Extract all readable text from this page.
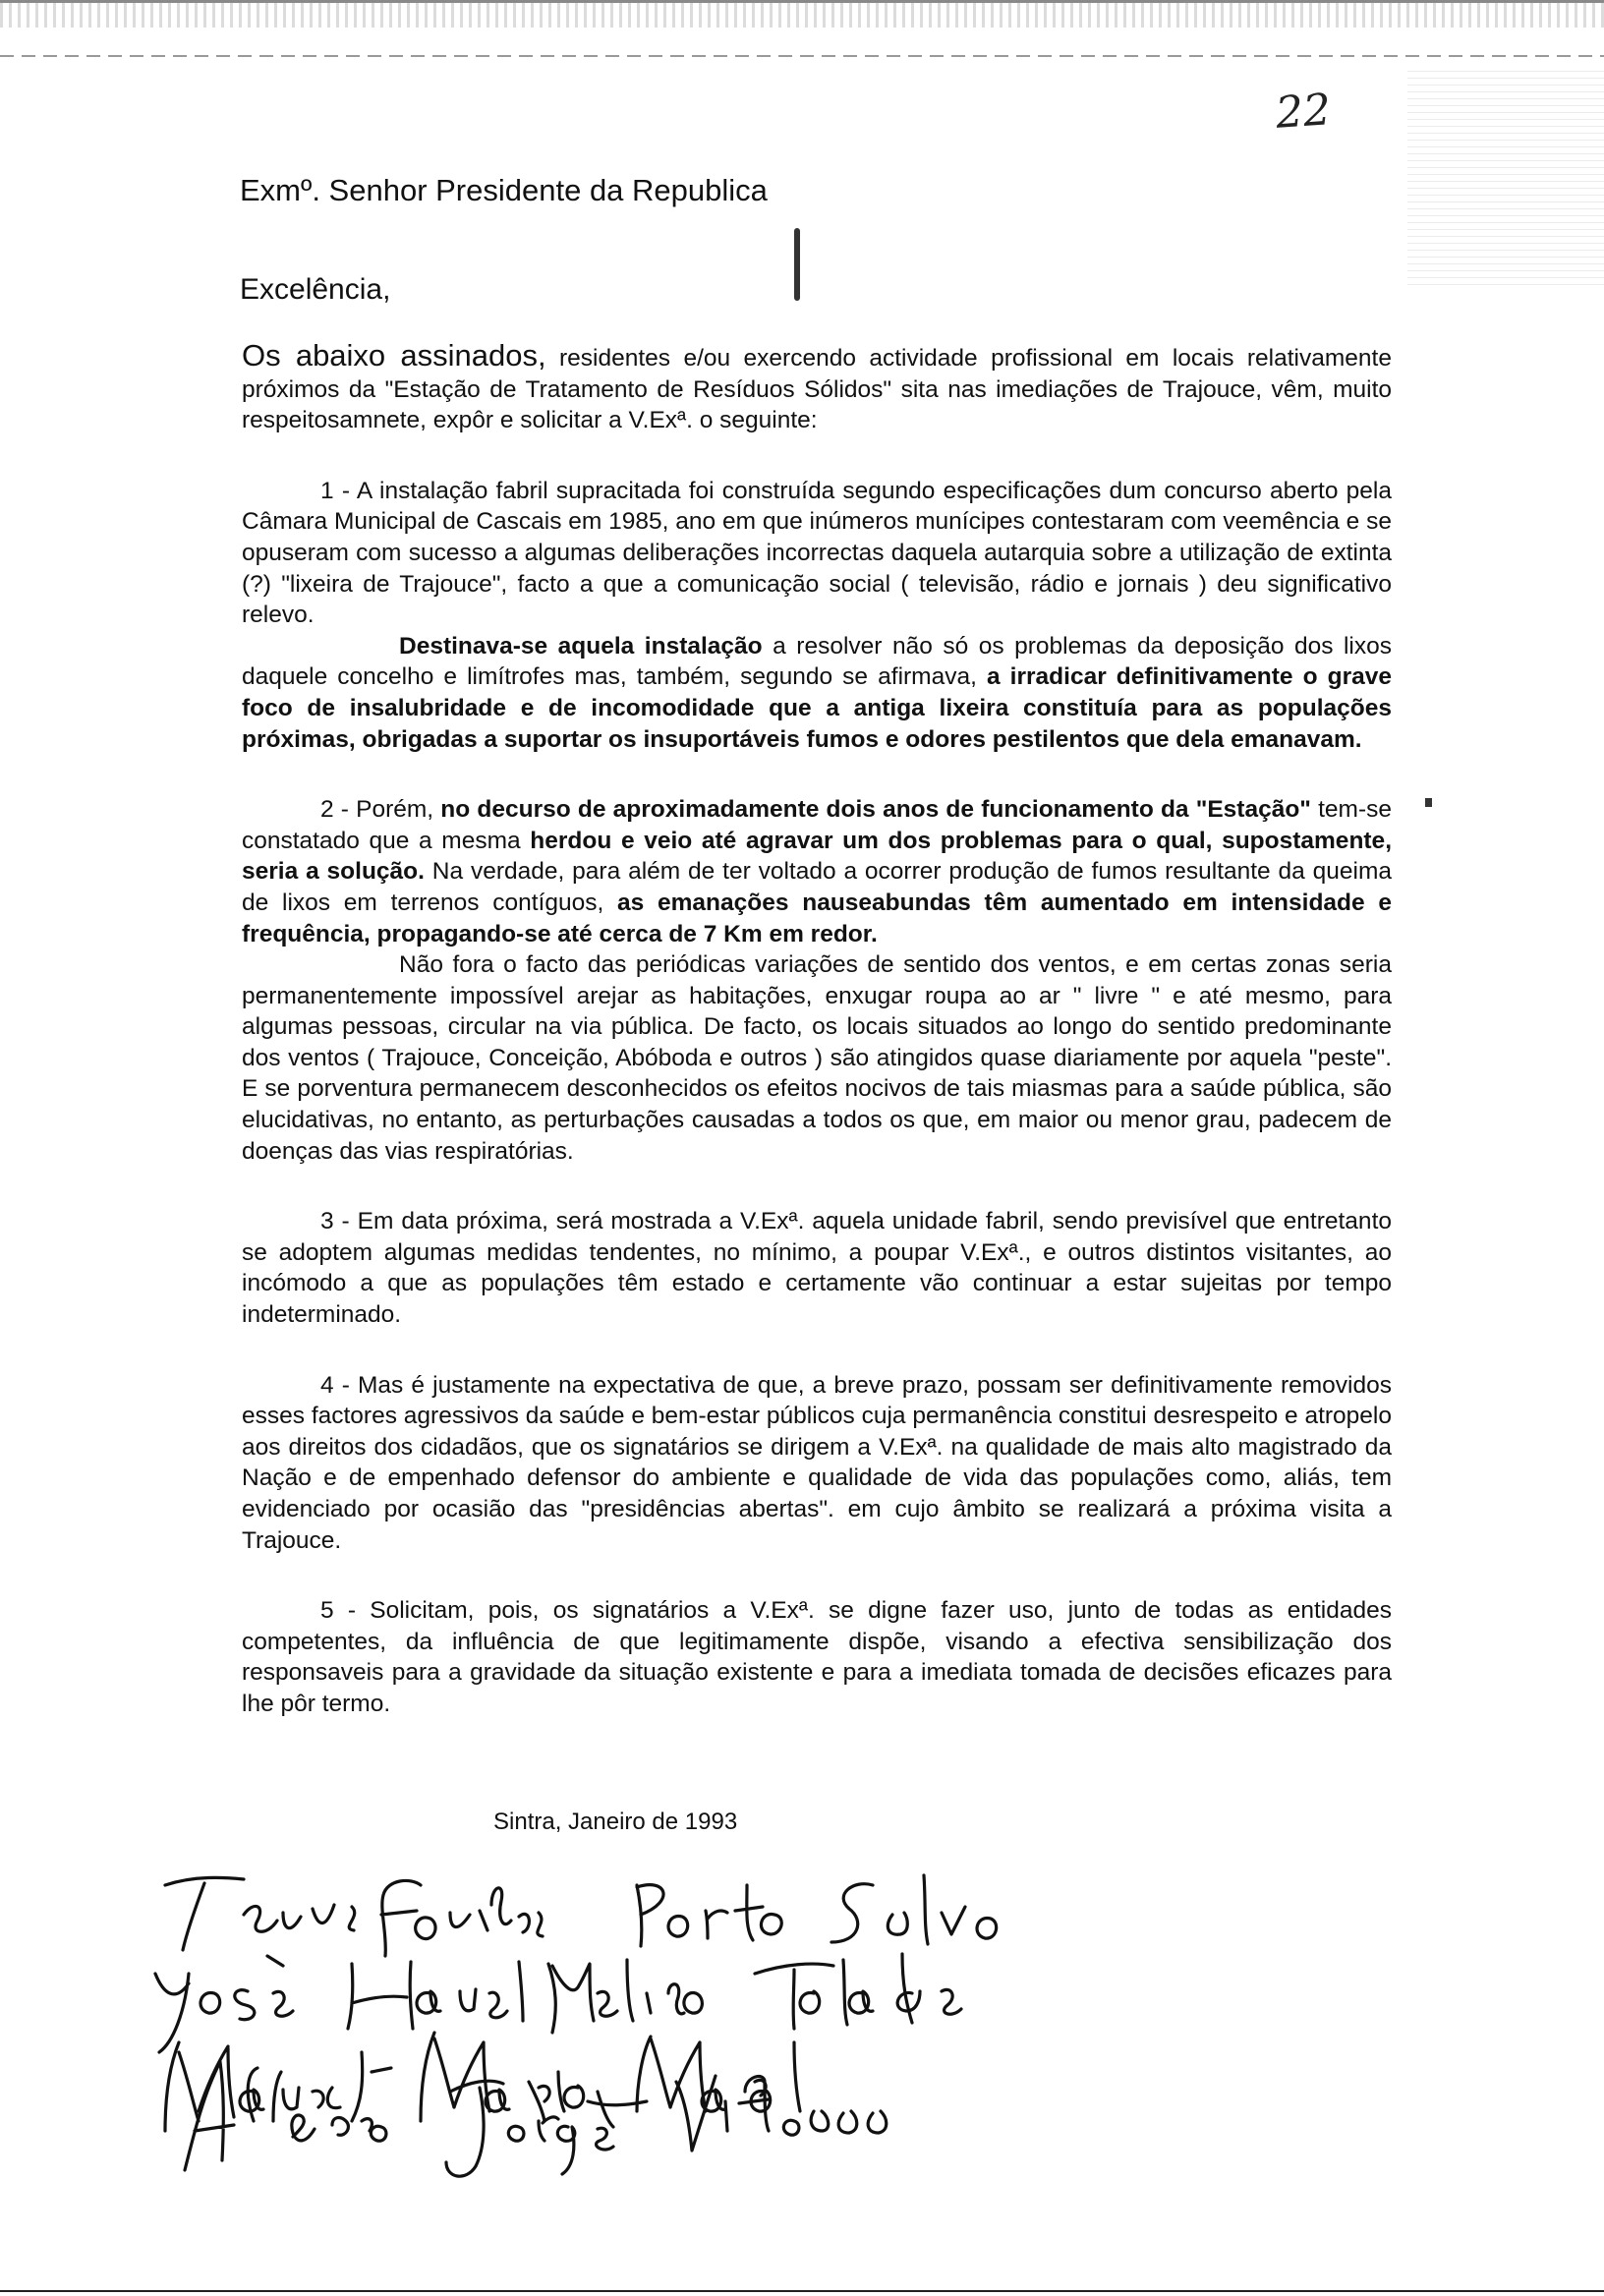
22
Exmº. Senhor Presidente da Republica

Excelência,

Os abaixo assinados, residentes e/ou exercendo actividade profissional em locais relativamente próximos da "Estação de Tratamento de Resíduos Sólidos" sita nas imediações de Trajouce, vêm, muito respeitosamnete, expôr e solicitar a V.Exª. o seguinte:

1 - A instalação fabril supracitada foi construída segundo especificações dum concurso aberto pela Câmara Municipal de Cascais em 1985, ano em que inúmeros munícipes contestaram com veemência e se opuseram com sucesso a algumas deliberações incorrectas daquela autarquia sobre a utilização de extinta (?) "lixeira de Trajouce", facto a que a comunicação social ( televisão, rádio e jornais ) deu significativo relevo.

Destinava-se aquela instalação a resolver não só os problemas da deposição dos lixos daquele concelho e limítrofes mas, também, segundo se afirmava, a irradicar definitivamente o grave foco de insalubridade e de incomodidade que a antiga lixeira constituía para as populações próximas, obrigadas a suportar os insuportáveis fumos e odores pestilentos que dela emanavam.

2 - Porém, no decurso de aproximadamente dois anos de funcionamento da "Estação" tem-se constatado que a mesma herdou e veio até agravar um dos problemas para o qual, supostamente, seria a solução. Na verdade, para além de ter voltado a ocorrer produção de fumos resultante da queima de lixos em terrenos contíguos, as emanações nauseabundas têm aumentado em intensidade e frequência, propagando-se até cerca de 7 Km em redor.

Não fora o facto das periódicas variações de sentido dos ventos, e em certas zonas seria permanentemente impossível arejar as habitações, enxugar roupa ao ar " livre " e até mesmo, para algumas pessoas, circular na via pública. De facto, os locais situados ao longo do sentido predominante dos ventos ( Trajouce, Conceição, Abóboda e outros ) são atingidos quase diariamente por aquela "peste". E se porventura permanecem desconhecidos os efeitos nocivos de tais miasmas para a saúde pública, são elucidativas, no entanto, as perturbações causadas a todos os que, em maior ou menor grau, padecem de doenças das vias respiratórias.

3 - Em data próxima, será mostrada a V.Exª. aquela unidade fabril, sendo previsível que entretanto se adoptem algumas medidas tendentes, no mínimo, a poupar V.Exª., e outros distintos visitantes, ao incómodo a que as populações têm estado e certamente vão continuar a estar sujeitas por tempo indeterminado.

4 - Mas é justamente na expectativa de que, a breve prazo, possam ser definitivamente removidos esses factores agressivos da saúde e bem-estar públicos cuja permanência constitui desrespeito e atropelo aos direitos dos cidadãos, que os signatários se dirigem a V.Exª. na qualidade de mais alto magistrado da Nação e de empenhado defensor do ambiente e qualidade de vida das populações como, aliás, tem evidenciado por ocasião das "presidências abertas". em cujo âmbito se realizará a próxima visita a Trajouce.

5 - Solicitam, pois, os signatários a V.Exª. se digne fazer uso, junto de todas as entidades competentes, da influência de que legitimamente dispõe, visando a efectiva sensibilização dos responsaveis para a gravidade da situação existente e para a imediata tomada de decisões eficazes para lhe pôr termo.

Sintra, Janeiro de 1993
